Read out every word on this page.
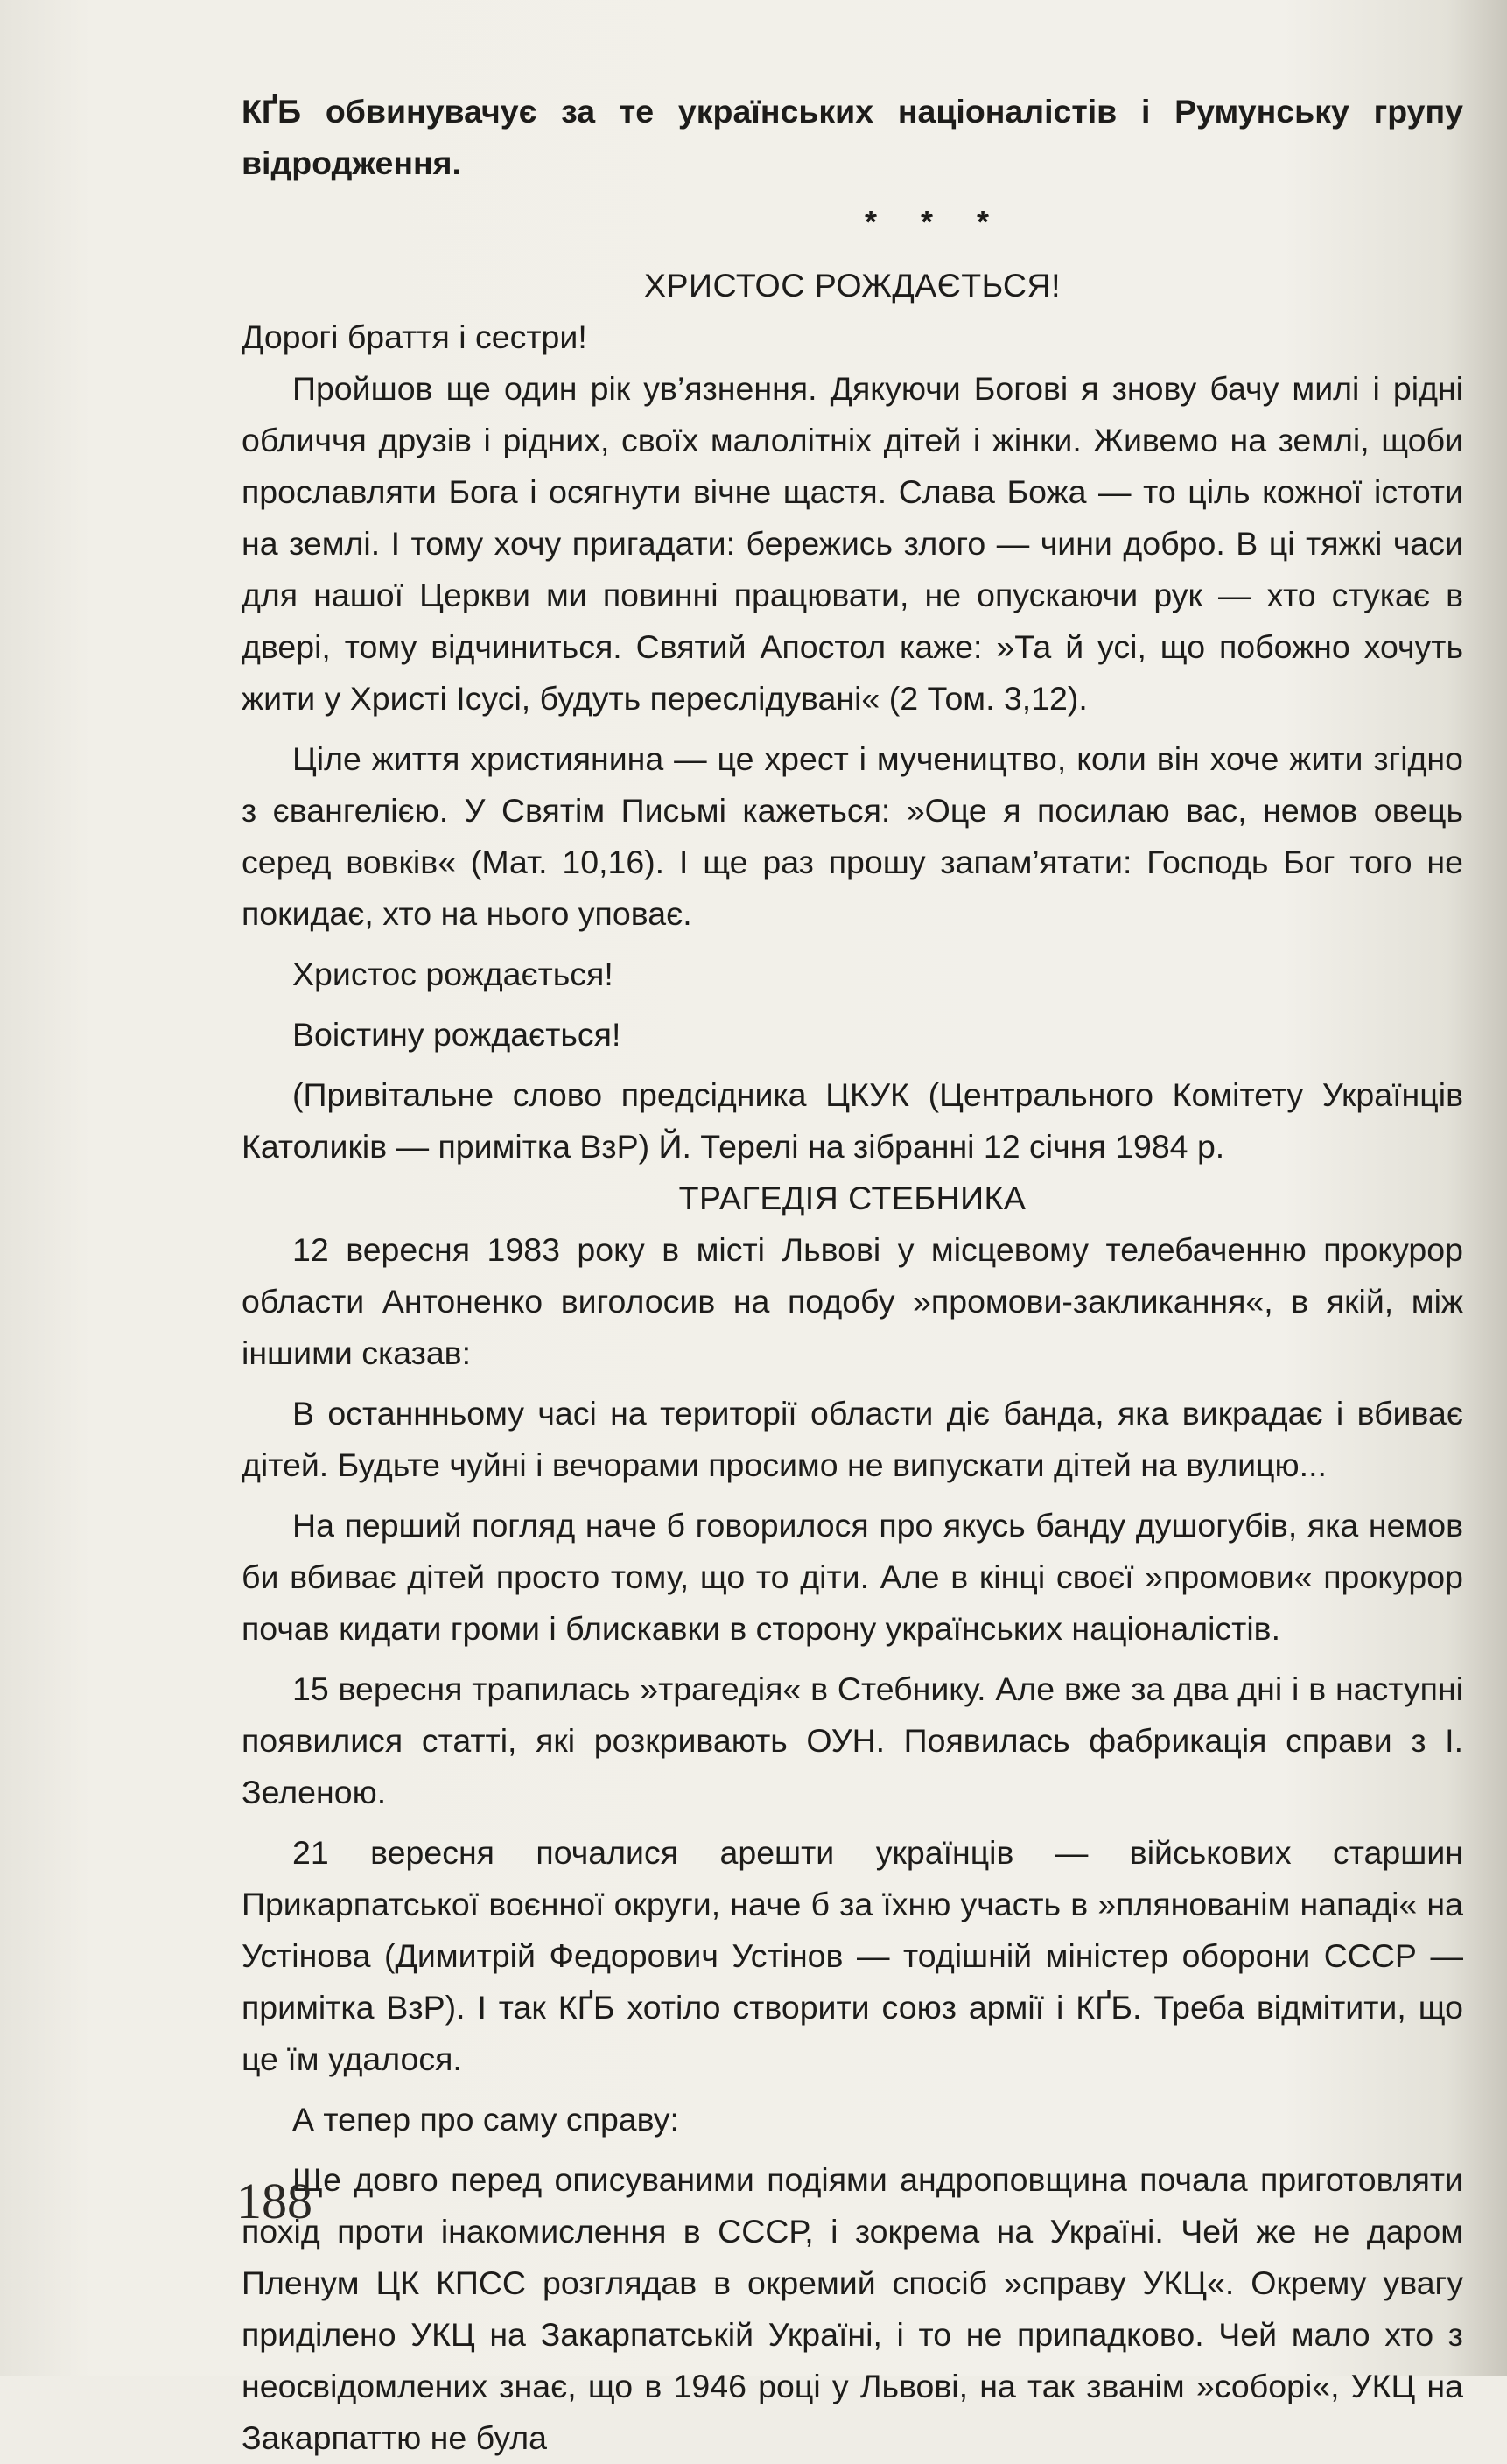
КҐБ обвинувачує за те українських націоналістів і Румунську групу відродження.

* * *

ХРИСТОС РОЖДАЄТЬСЯ!

Дорогі браття і сестри!

Пройшов ще один рік ув’язнення. Дякуючи Богові я знову бачу милі і рідні обличчя друзів і рідних, своїх малолітніх дітей і жінки. Живемо на землі, щоби прославляти Бога і осягнути вічне щастя. Слава Божа — то ціль кожної істоти на землі. І тому хочу пригадати: бережись злого — чини добро. В ці тяжкі часи для нашої Церкви ми повинні працювати, не опускаючи рук — хто стукає в двері, тому відчиниться. Святий Апостол каже: »Та й усі, що побожно хочуть жити у Христі Ісусі, будуть переслідувані« (2 Том. 3,12).

Ціле життя християнина — це хрест і мучеництво, коли він хоче жити згідно з євангелією. У Святім Письмі кажеться: »Оце я посилаю вас, немов овець серед вовків« (Мат. 10,16). І ще раз прошу запам’ятати: Господь Бог того не покидає, хто на нього уповає.

Христос рождається!

Воістину рождається!

(Привітальне слово предсідника ЦКУК (Центрального Комітету Українців Католиків — примітка ВзР) Й. Терелі на зібранні 12 січня 1984 р.

ТРАГЕДІЯ СТЕБНИКА

12 вересня 1983 року в місті Львові у місцевому телебаченню прокурор области Антоненко виголосив на подобу »промови-закликання«, в якій, між іншими сказав:

В останнньому часі на території области діє банда, яка викрадає і вбиває дітей. Будьте чуйні і вечорами просимо не випускати дітей на вулицю...

На перший погляд наче б говорилося про якусь банду душогубів, яка немов би вбиває дітей просто тому, що то діти. Але в кінці своєї »промови« прокурор почав кидати громи і блискавки в сторону українських націоналістів.

15 вересня трапилась »трагедія« в Стебнику. Але вже за два дні і в наступні появилися статті, які розкривають ОУН. Появилась фабрикація справи з І. Зеленою.

21 вересня почалися арешти українців — військових старшин Прикарпатської воєнної округи, наче б за їхню участь в »плянованім нападі« на Устінова (Димитрій Федорович Устінов — тодішній міністер оборони СССР — примітка ВзР). І так КҐБ хотіло створити союз армії і КҐБ. Треба відмітити, що це їм удалося.

А тепер про саму справу:

Ще довго перед описуваними подіями андроповщина почала приготовляти похід проти інакомислення в СССР, і зокрема на Україні. Чей же не даром Пленум ЦК КПСС розглядав в окремий спосіб »справу УКЦ«. Окрему увагу приділено УКЦ на Закарпатській Україні, і то не припадково. Чей мало хто з неосвідомлених знає, що в 1946 році у Львові, на так званім »соборі«, УКЦ на Закарпаттю не була

188
